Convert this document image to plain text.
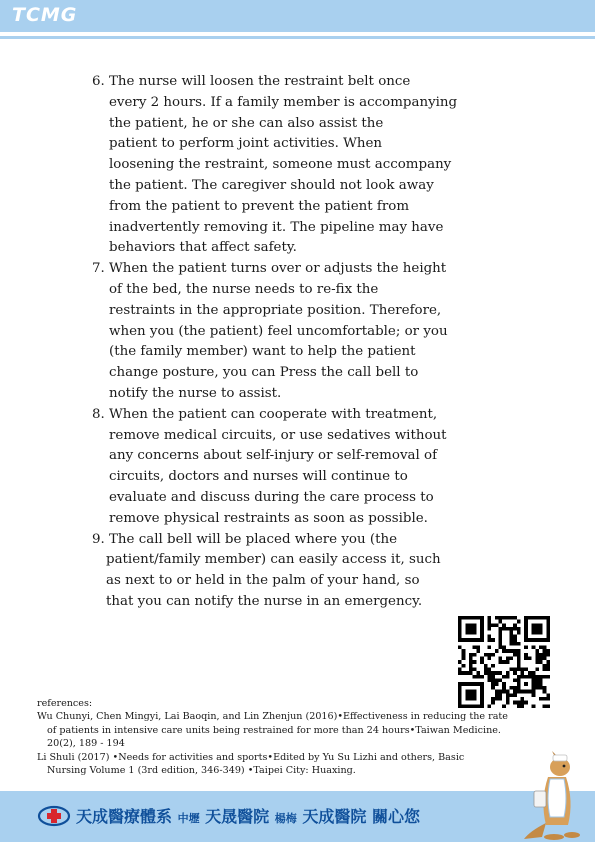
TCMG
6. The nurse will loosen the restraint belt once
every 2 hours. If a family member is accompanying
the patient, he or she can also assist the
patient to perform joint activities. When
loosening the restraint, someone must accompany
the patient. The caregiver should not look away
from the patient to prevent the patient from
inadvertently removing it. The pipeline may have
behaviors that affect safety.
7. When the patient turns over or adjusts the height
of the bed, the nurse needs to re-fix the
restraints in the appropriate position. Therefore,
when you (the patient) feel uncomfortable; or you
(the family member) want to help the patient
change posture, you can Press the call bell to
notify the nurse to assist.
8. When the patient can cooperate with treatment,
remove medical circuits, or use sedatives without
any concerns about self-injury or self-removal of
circuits, doctors and nurses will continue to
evaluate and discuss during the care process to
remove physical restraints as soon as possible.
9. The call bell will be placed where you (the
patient/family member) can easily access it, such
as next to or held in the palm of your hand, so
that you can notify the nurse in an emergency.
references:
Wu Chunyi, Chen Mingyi, Lai Baoqin, and Lin Zhenjun (2016)•Effectiveness in reducing the rate
of patients in intensive care units being restrained for more than 24 hours•Taiwan Medicine.
20(2), 189 - 194
Li Shuli (2017) •Needs for activities and sports•Edited by Yu Su Lizhi and others, Basic
Nursing Volume 1 (3rd edition, 346-349) •Taipei City: Huaxing.
天成醫療體系 中壢 天晟醫院 楊梅 天成醫院 關心您
